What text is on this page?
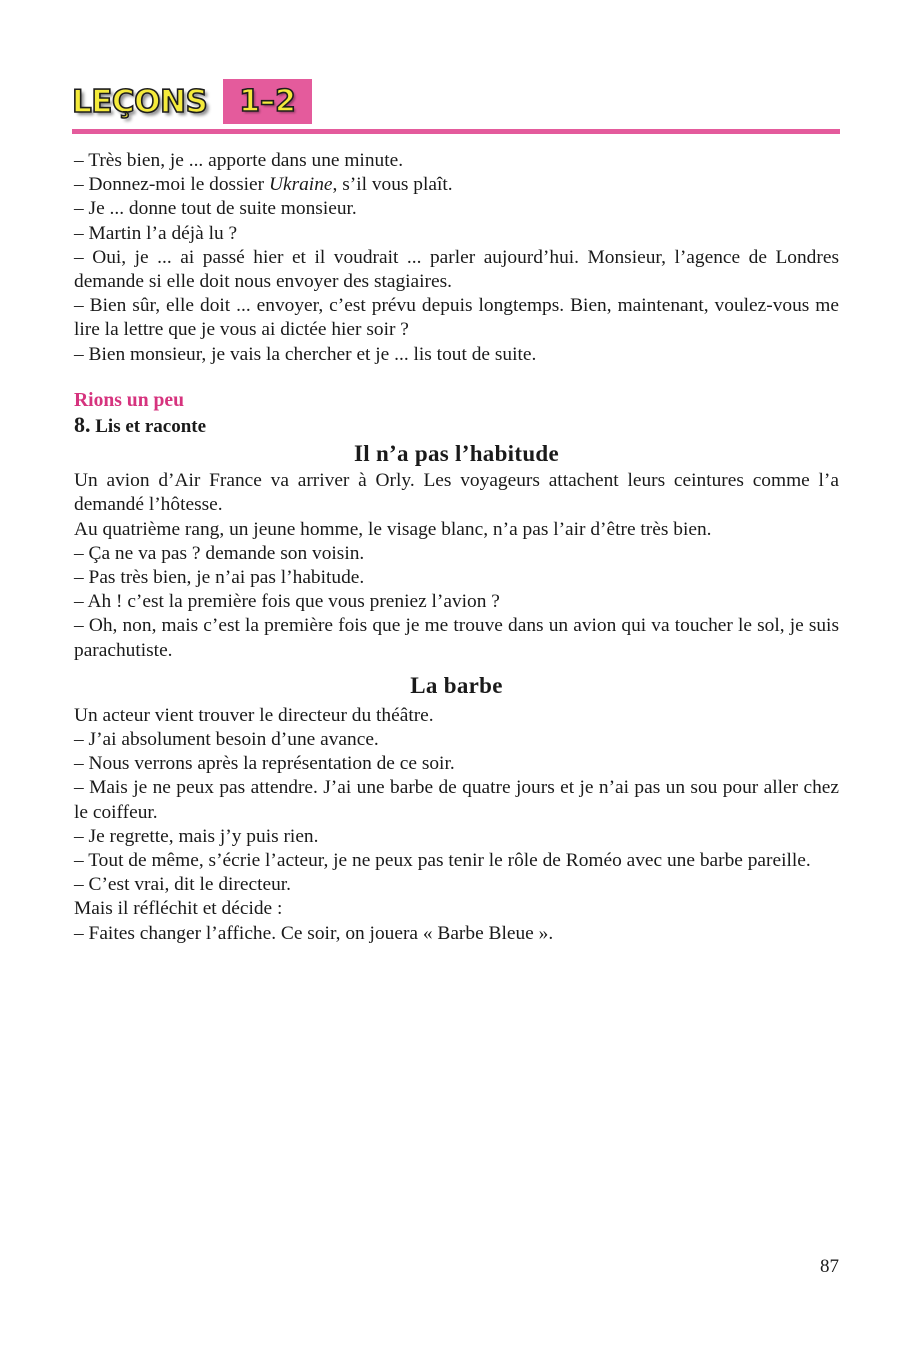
LEÇONS	1–2

– Très bien, je ... apporte dans une minute.

– Donnez-moi le dossier Ukraine, s’il vous plaît.

– Je ... donne tout de suite monsieur.

– Martin l’a déjà lu ?

– Oui, je ... ai passé hier et il voudrait ... parler aujourd’hui. Monsieur, l’agence de Londres demande si elle doit nous envoyer des stagiaires.

– Bien sûr, elle doit ... envoyer, c’est prévu depuis longtemps. Bien, maintenant, voulez-vous me lire la lettre que je vous ai dictée hier soir ?

– Bien monsieur, je vais la chercher et je ... lis tout de suite.

Rions un peu

8. Lis et raconte

Il n’a pas l’habitude

Un avion d’Air France va arriver à Orly. Les voyageurs attachent leurs ceintures comme l’a demandé l’hôtesse.

Au quatrième rang, un jeune homme, le visage blanc, n’a pas l’air d’être très bien.

– Ça ne va pas ? demande son voisin.

– Pas très bien, je n’ai pas l’habitude.

– Ah ! c’est la première fois que vous preniez l’avion ?

– Oh, non, mais c’est la première fois que je me trouve dans un avion qui va toucher le sol, je suis parachutiste.

La barbe

Un acteur vient trouver le directeur du théâtre.

– J’ai absolument besoin d’une avance.

– Nous verrons après la représentation de ce soir.

– Mais je ne peux pas attendre. J’ai une barbe de quatre jours et je n’ai pas un sou pour aller chez le coiffeur.

– Je regrette, mais j’y puis rien.

– Tout de même, s’écrie l’acteur, je ne peux pas tenir le rôle de Roméo avec une barbe pareille.

– C’est vrai, dit le directeur.

Mais il réfléchit et décide :

– Faites changer l’affiche. Ce soir, on jouera « Barbe Bleue ».

87
